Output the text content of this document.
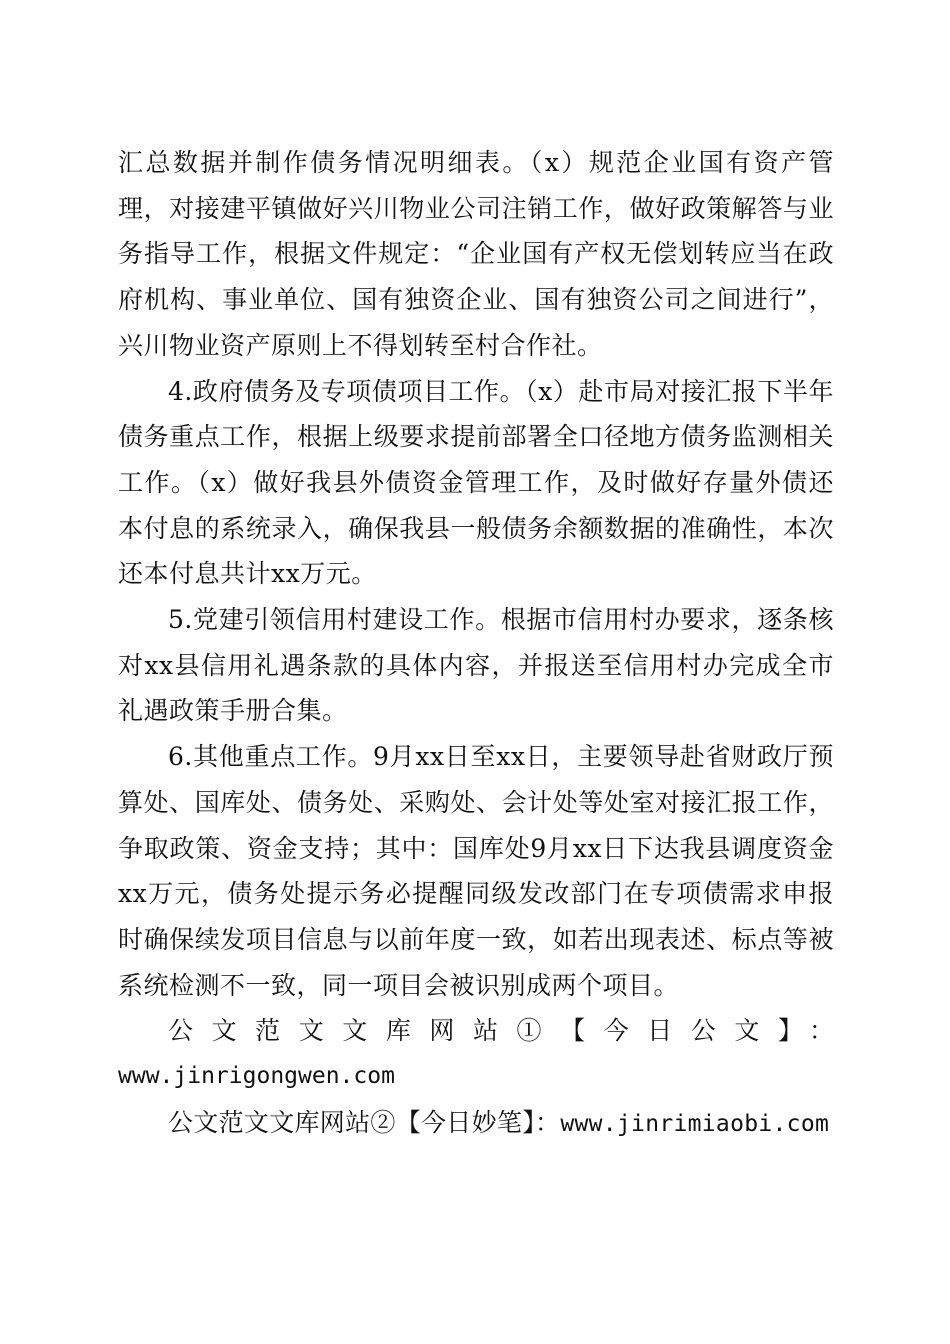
汇总数据并制作债务情况明细表。（x）规范企业国有资产管理，对接建平镇做好兴川物业公司注销工作，做好政策解答与业务指导工作，根据文件规定：“企业国有产权无偿划转应当在政府机构、事业单位、国有独资企业、国有独资公司之间进行”，兴川物业资产原则上不得划转至村合作社。

4.政府债务及专项债项目工作。（x）赴市局对接汇报下半年债务重点工作，根据上级要求提前部署全口径地方债务监测相关工作。（x）做好我县外债资金管理工作，及时做好存量外债还本付息的系统录入，确保我县一般债务余额数据的准确性，本次还本付息共计xx万元。

5.党建引领信用村建设工作。根据市信用村办要求，逐条核对xx县信用礼遇条款的具体内容，并报送至信用村办完成全市礼遇政策手册合集。

6.其他重点工作。9月xx日至xx日，主要领导赴省财政厅预算处、国库处、债务处、采购处、会计处等处室对接汇报工作，争取政策、资金支持；其中：国库处9月xx日下达我县调度资金xx万元，债务处提示务必提醒同级发改部门在专项债需求申报时确保续发项目信息与以前年度一致，如若出现表述、标点等被系统检测不一致，同一项目会被识别成两个项目。

公文范文文库网站①【今日公文】：

www.jinrigongwen.com

公文范文文库网站②【今日妙笔】：www.jinrimiaobi.com
